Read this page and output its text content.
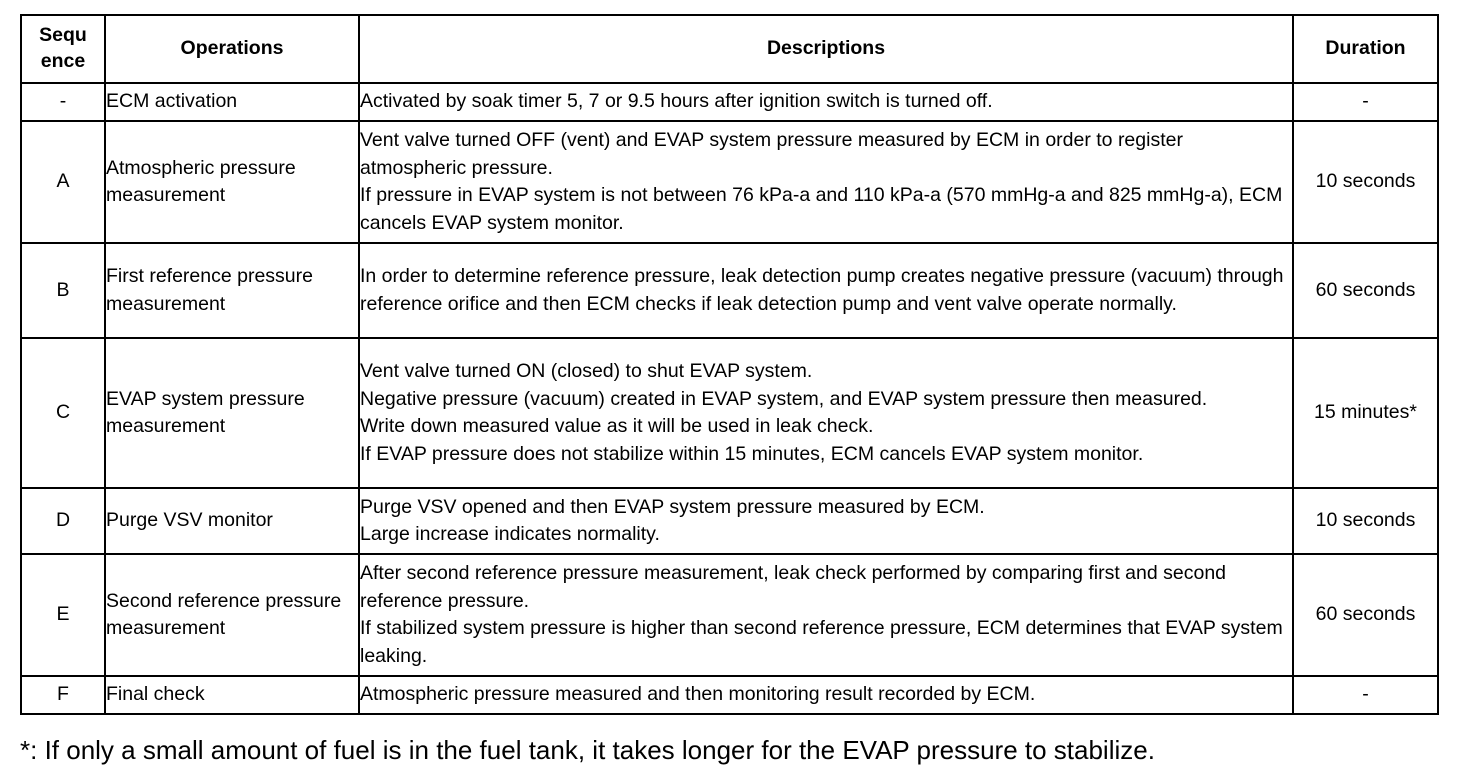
Sequ
ence	Operations	Descriptions	Duration
-	ECM activation	Activated by soak timer 5, 7 or 9.5 hours after ignition switch is turned off.	-
A	Atmospheric pressure measurement	Vent valve turned OFF (vent) and EVAP system pressure measured by ECM in order to register atmospheric pressure.
If pressure in EVAP system is not between 76 kPa-a and 110 kPa-a (570 mmHg-a and 825 mmHg-a), ECM cancels EVAP system monitor.	10 seconds
B	First reference pressure measurement	In order to determine reference pressure, leak detection pump creates negative pressure (vacuum) through reference orifice and then ECM checks if leak detection pump and vent valve operate normally.	60 seconds
C	EVAP system pressure measurement	Vent valve turned ON (closed) to shut EVAP system.
Negative pressure (vacuum) created in EVAP system, and EVAP system pressure then measured.
Write down measured value as it will be used in leak check.
If EVAP pressure does not stabilize within 15 minutes, ECM cancels EVAP system monitor.	15 minutes*
D	Purge VSV monitor	Purge VSV opened and then EVAP system pressure measured by ECM.
Large increase indicates normality.	10 seconds
E	Second reference pressure measurement	After second reference pressure measurement, leak check performed by comparing first and second reference pressure.
If stabilized system pressure is higher than second reference pressure, ECM determines that EVAP system leaking.	60 seconds
F	Final check	Atmospheric pressure measured and then monitoring result recorded by ECM.	-
*: If only a small amount of fuel is in the fuel tank, it takes longer for the EVAP pressure to stabilize.
